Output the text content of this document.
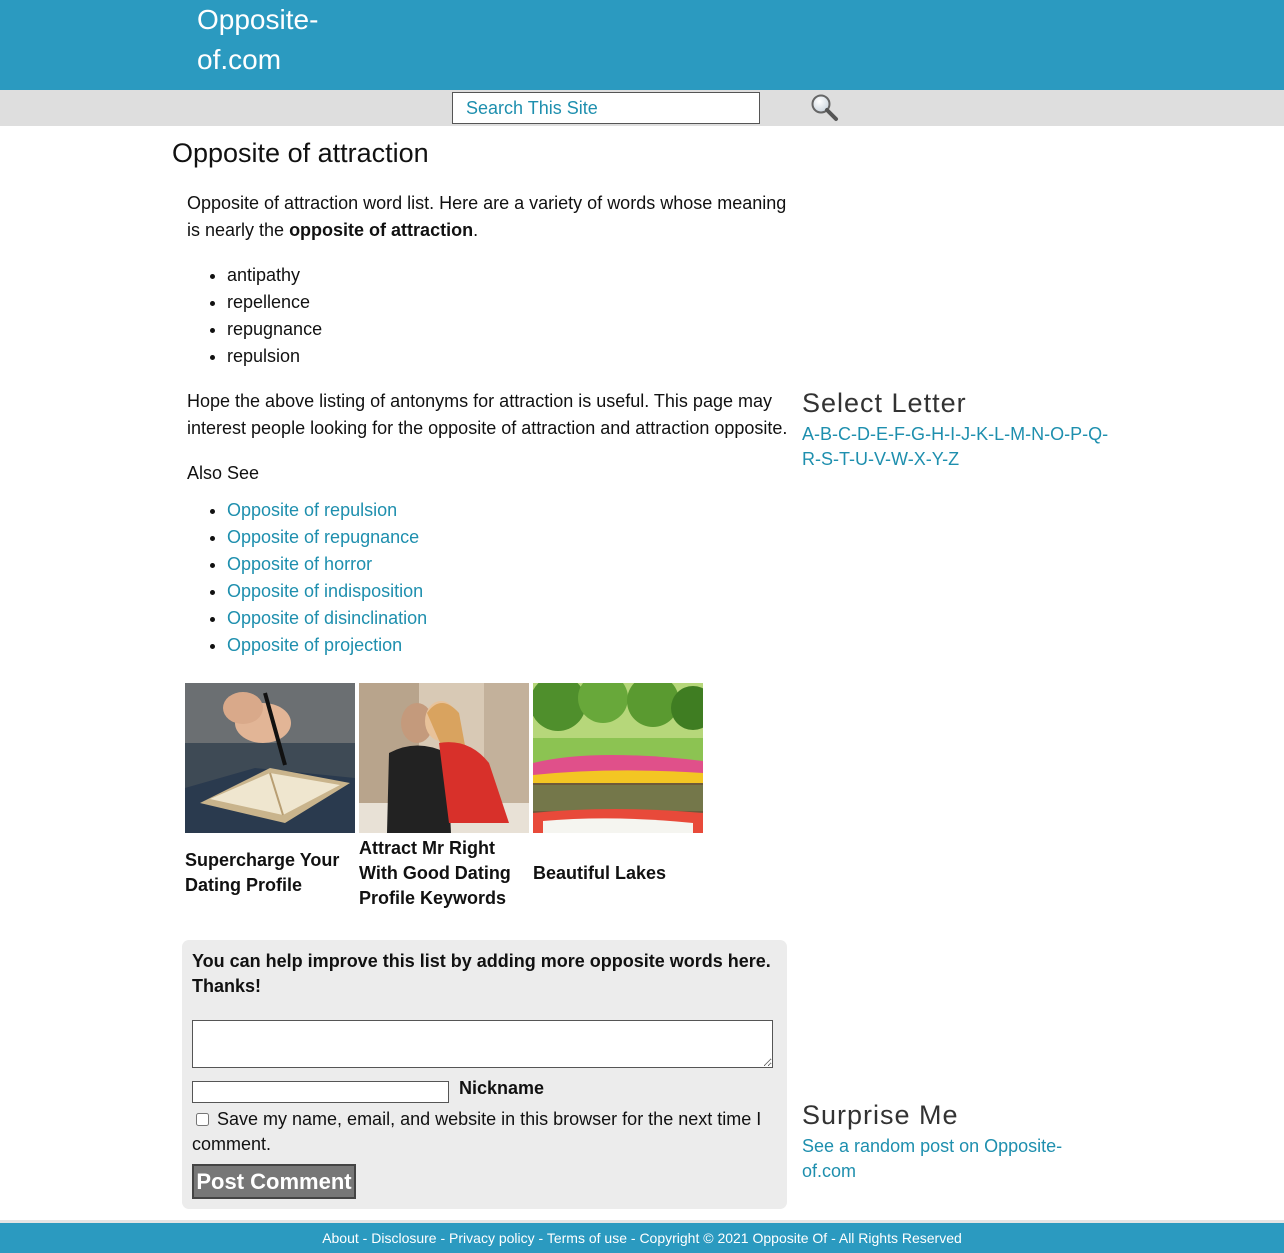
Opposite-of.com
Search This Site
Opposite of attraction

Opposite of attraction word list. Here are a variety of words whose meaning is nearly the opposite of attraction.

• antipathy
• repellence
• repugnance
• repulsion

Hope the above listing of antonyms for attraction is useful. This page may interest people looking for the opposite of attraction and attraction opposite.

Also See

• Opposite of repulsion
• Opposite of repugnance
• Opposite of horror
• Opposite of indisposition
• Opposite of disinclination
• Opposite of projection
Supercharge Your Dating Profile
Attract Mr Right With Good Dating Profile Keywords
Beautiful Lakes

You can help improve this list by adding more opposite words here. Thanks!

Nickname
Save my name, email, and website in this browser for the next time I comment.
Post Comment
Select Letter
A-B-C-D-E-F-G-H-I-J-K-L-M-N-O-P-Q-R-S-T-U-V-W-X-Y-Z
Surprise Me
See a random post on Opposite-of.com
About - Disclosure - Privacy policy - Terms of use - Copyright © 2021 Opposite Of - All Rights Reserved
